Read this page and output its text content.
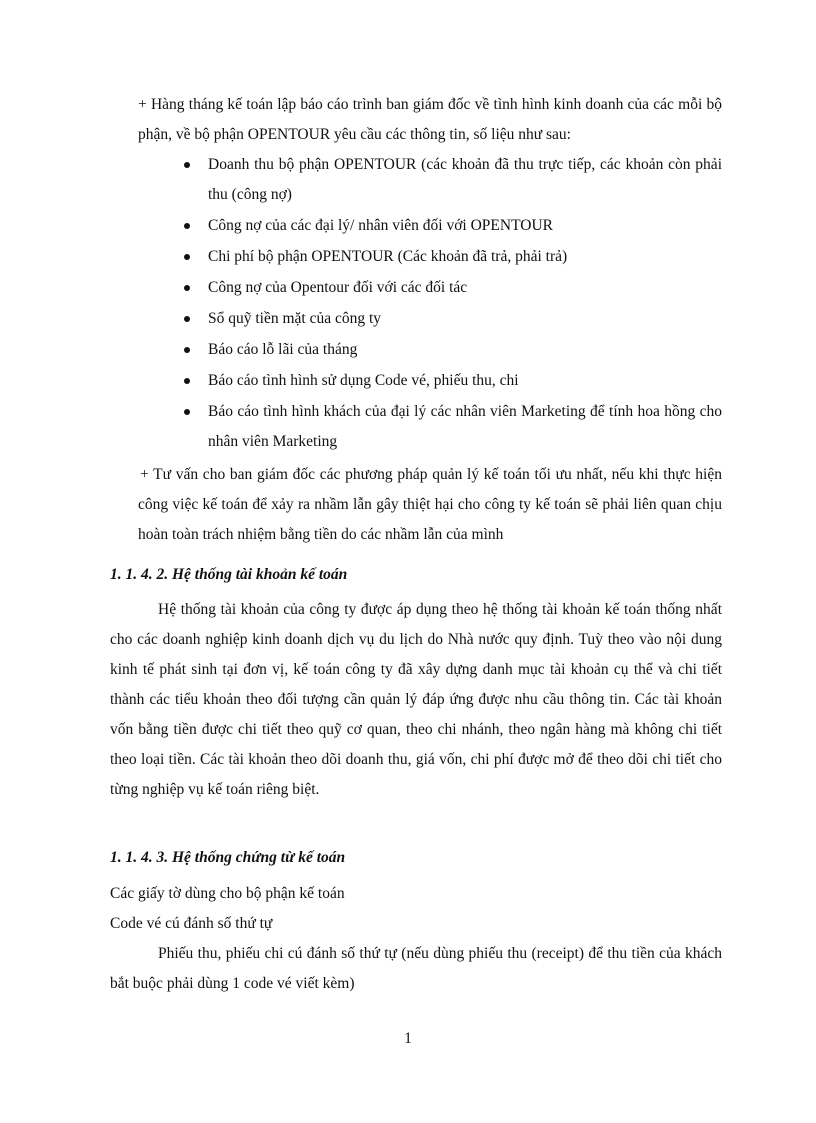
+ Hàng tháng kế toán lập báo cáo trình ban giám đốc về tình hình kinh doanh của các mỗi bộ phận, về bộ phận OPENTOUR yêu cầu các thông tin, số liệu như sau:
Doanh thu bộ phận OPENTOUR (các khoản đã thu trực tiếp, các khoản còn phải thu (công nợ)
Công nợ của các đại lý/ nhân viên đối với OPENTOUR
Chi phí bộ phận OPENTOUR (Các khoản đã trả, phải trả)
Công nợ của Opentour đối với các đối tác
Sổ quỹ tiền mặt của công ty
Báo cáo lỗ lãi của tháng
Báo cáo tình hình sử dụng Code vé, phiếu thu, chi
Báo cáo tình hình khách của đại lý các nhân viên Marketing để tính hoa hồng cho nhân viên Marketing
+ Tư vấn cho ban giám đốc các phương pháp quản lý kế toán tối ưu nhất, nếu khi thực hiện công việc kế toán để xảy ra nhầm lẫn gây thiệt hại cho công ty kế toán sẽ phải liên quan chịu hoàn toàn trách nhiệm bằng tiền do các nhầm lẫn của mình
1. 1. 4. 2. Hệ thống tài khoản kế toán
Hệ thống tài khoản của công ty được áp dụng theo hệ thống tài khoản kế toán thống nhất cho các doanh nghiệp kinh doanh dịch vụ du lịch do Nhà nước quy định. Tuỳ theo vào nội dung kinh tế phát sinh tại đơn vị, kế toán công ty đã xây dựng danh mục tài khoản cụ thể và chi tiết thành các tiểu khoản theo đối tượng cần quản lý đáp ứng được nhu cầu thông tin. Các tài khoản vốn bằng tiền được chi tiết theo quỹ cơ quan, theo chi nhánh, theo ngân hàng mà không chi tiết theo loại tiền. Các tài khoản theo dõi doanh thu, giá vốn, chi phí được mở để theo dõi chi tiết cho từng nghiệp vụ kế toán riêng biệt.
1. 1. 4. 3. Hệ thống chứng từ kế toán
Các giấy tờ dùng cho bộ phận kế toán
Code vé cú đánh số thứ tự
Phiếu thu, phiếu chi cú đánh số thứ tự (nếu dùng phiếu thu (receipt) để thu tiền của khách bắt buộc phải dùng 1 code vé viết kèm)
1
